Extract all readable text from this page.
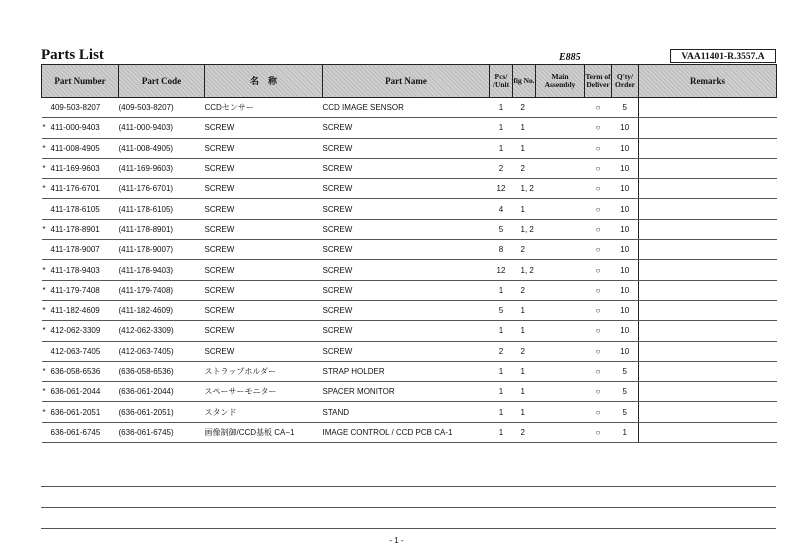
Parts List	E885	VAA11401-R.3557.A
Part Number	Part Code	名　称	Part Name	Pcs/ /Unit	fig No.	Main Assembly	Term of Deliver	Q'ty/ Order	Remarks
409-503-8207	(409-503-8207)	CCDセンサー	CCD IMAGE SENSOR	1	2		○	5	
* 411-000-9403	(411-000-9403)	SCREW	SCREW	1	1		○	10	
* 411-008-4905	(411-008-4905)	SCREW	SCREW	1	1		○	10	
* 411-169-9603	(411-169-9603)	SCREW	SCREW	2	2		○	10	
* 411-176-6701	(411-176-6701)	SCREW	SCREW	12	1, 2		○	10	
411-178-6105	(411-178-6105)	SCREW	SCREW	4	1		○	10	
* 411-178-8901	(411-178-8901)	SCREW	SCREW	5	1, 2		○	10	
411-178-9007	(411-178-9007)	SCREW	SCREW	8	2		○	10	
* 411-178-9403	(411-178-9403)	SCREW	SCREW	12	1, 2		○	10	
* 411-179-7408	(411-179-7408)	SCREW	SCREW	1	2		○	10	
* 411-182-4609	(411-182-4609)	SCREW	SCREW	5	1		○	10	
* 412-062-3309	(412-062-3309)	SCREW	SCREW	1	1		○	10	
412-063-7405	(412-063-7405)	SCREW	SCREW	2	2		○	10	
* 636-058-6536	(636-058-6536)	ストラップホルダー	STRAP HOLDER	1	1		○	5	
* 636-061-2044	(636-061-2044)	スペーサーモニター	SPACER MONITOR	1	1		○	5	
* 636-061-2051	(636-061-2051)	スタンド	STAND	1	1		○	5	
636-061-6745	(636-061-6745)	画像制御/CCD基板 CA−1	IMAGE CONTROL / CCD PCB CA-1	1	2		○	1	
- 1 -
